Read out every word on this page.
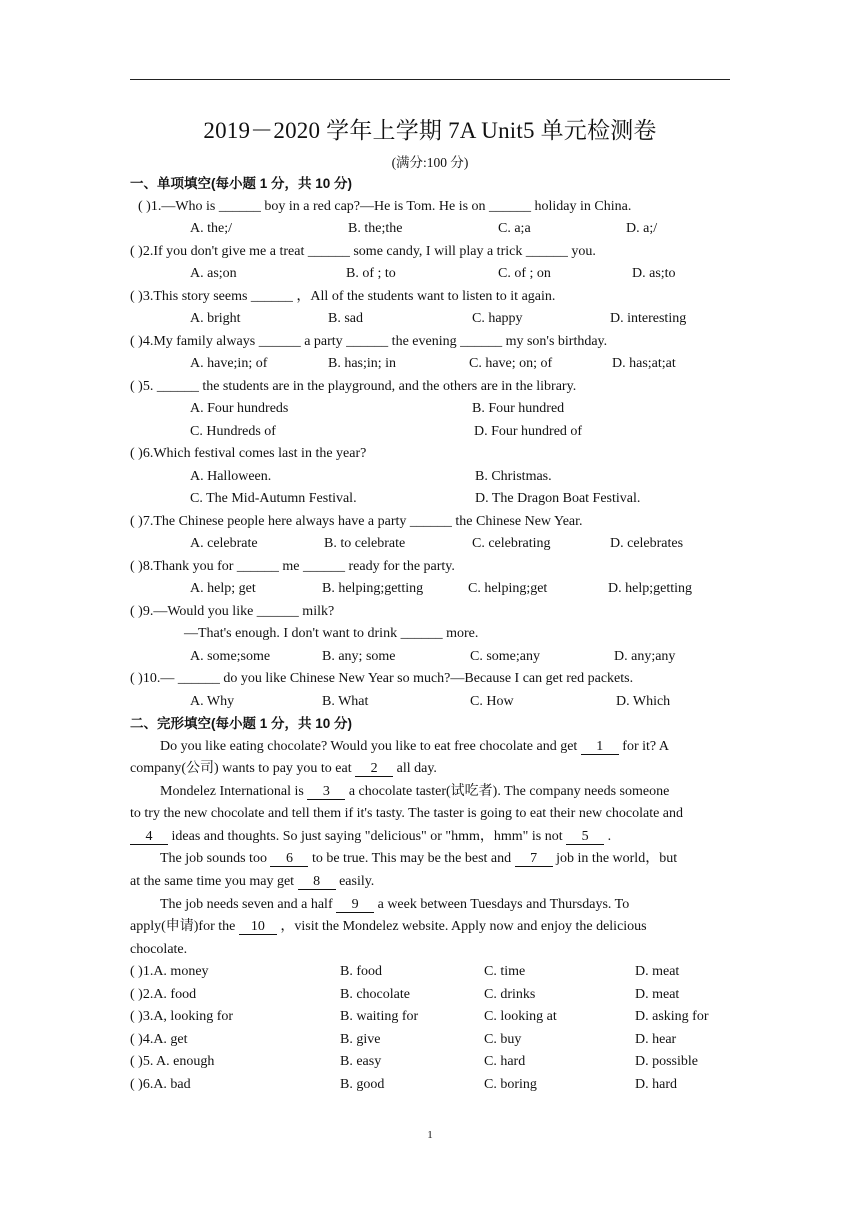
2019－2020 学年上学期 7A Unit5 单元检测卷
(满分:100 分)
一、单项填空(每小题 1 分，共 10 分)
( )1.—Who is ______ boy in a red cap?—He is Tom. He is on ______ holiday in China.
A. the;/	B. the;the	C. a;a	D. a;/
( )2.If you don't give me a treat ______ some candy, I will play a trick ______ you.
A. as;on	B. of ; to	C. of ; on	D. as;to
( )3.This story seems ______ ，All of the students want to listen to it again.
A. bright	B. sad	C. happy	D. interesting
( )4.My family always ______ a party ______ the evening ______ my son's birthday.
A. have;in; of	B. has;in; in	C. have; on; of	D. has;at;at
( )5. ______ the students are in the playground, and the others are in the library.
A. Four hundreds	B. Four hundred
C. Hundreds of	D. Four hundred of
( )6.Which festival comes last in the year?
A. Halloween.	B. Christmas.
C. The Mid-Autumn Festival.	D. The Dragon Boat Festival.
( )7.The Chinese people here always have a party ______ the Chinese New Year.
A. celebrate	B. to celebrate	C. celebrating	D. celebrates
( )8.Thank you for ______ me ______ ready for the party.
A. help; get	B. helping;getting	C. helping;get	D. help;getting
( )9.—Would you like ______ milk?
—That's enough. I don't want to drink ______ more.
A. some;some	B. any; some	C. some;any	D. any;any
( )10.— ______ do you like Chinese New Year so much?—Because I can get red packets.
A. Why	B. What	C. How	D. Which
二、完形填空(每小题 1 分，共 10 分)
Do you like eating chocolate? Would you like to eat free chocolate and get 1 for it? A
company(公司) wants to pay you to eat 2 all day.
Mondelez International is 3 a chocolate taster(试吃者). The company needs someone
to try the new chocolate and tell them if it's tasty. The taster is going to eat their new chocolate and
4 ideas and thoughts. So just saying "delicious" or "hmm，hmm" is not 5 .
The job sounds too 6 to be true. This may be the best and 7 job in the world，but
at the same time you may get 8 easily.
The job needs seven and a half 9 a week between Tuesdays and Thursdays. To
apply(申请)for the 10 ，visit the Mondelez website. Apply now and enjoy the delicious
chocolate.
( )1.A. money	B. food	C. time	D. meat
( )2.A. food	B. chocolate	C. drinks	D. meat
( )3.A, looking for	B. waiting for	C. looking at	D. asking for
( )4.A. get	B. give	C. buy	D. hear
( )5. A. enough	B. easy	C. hard	D. possible
( )6.A. bad	B. good	C. boring	D. hard
1
